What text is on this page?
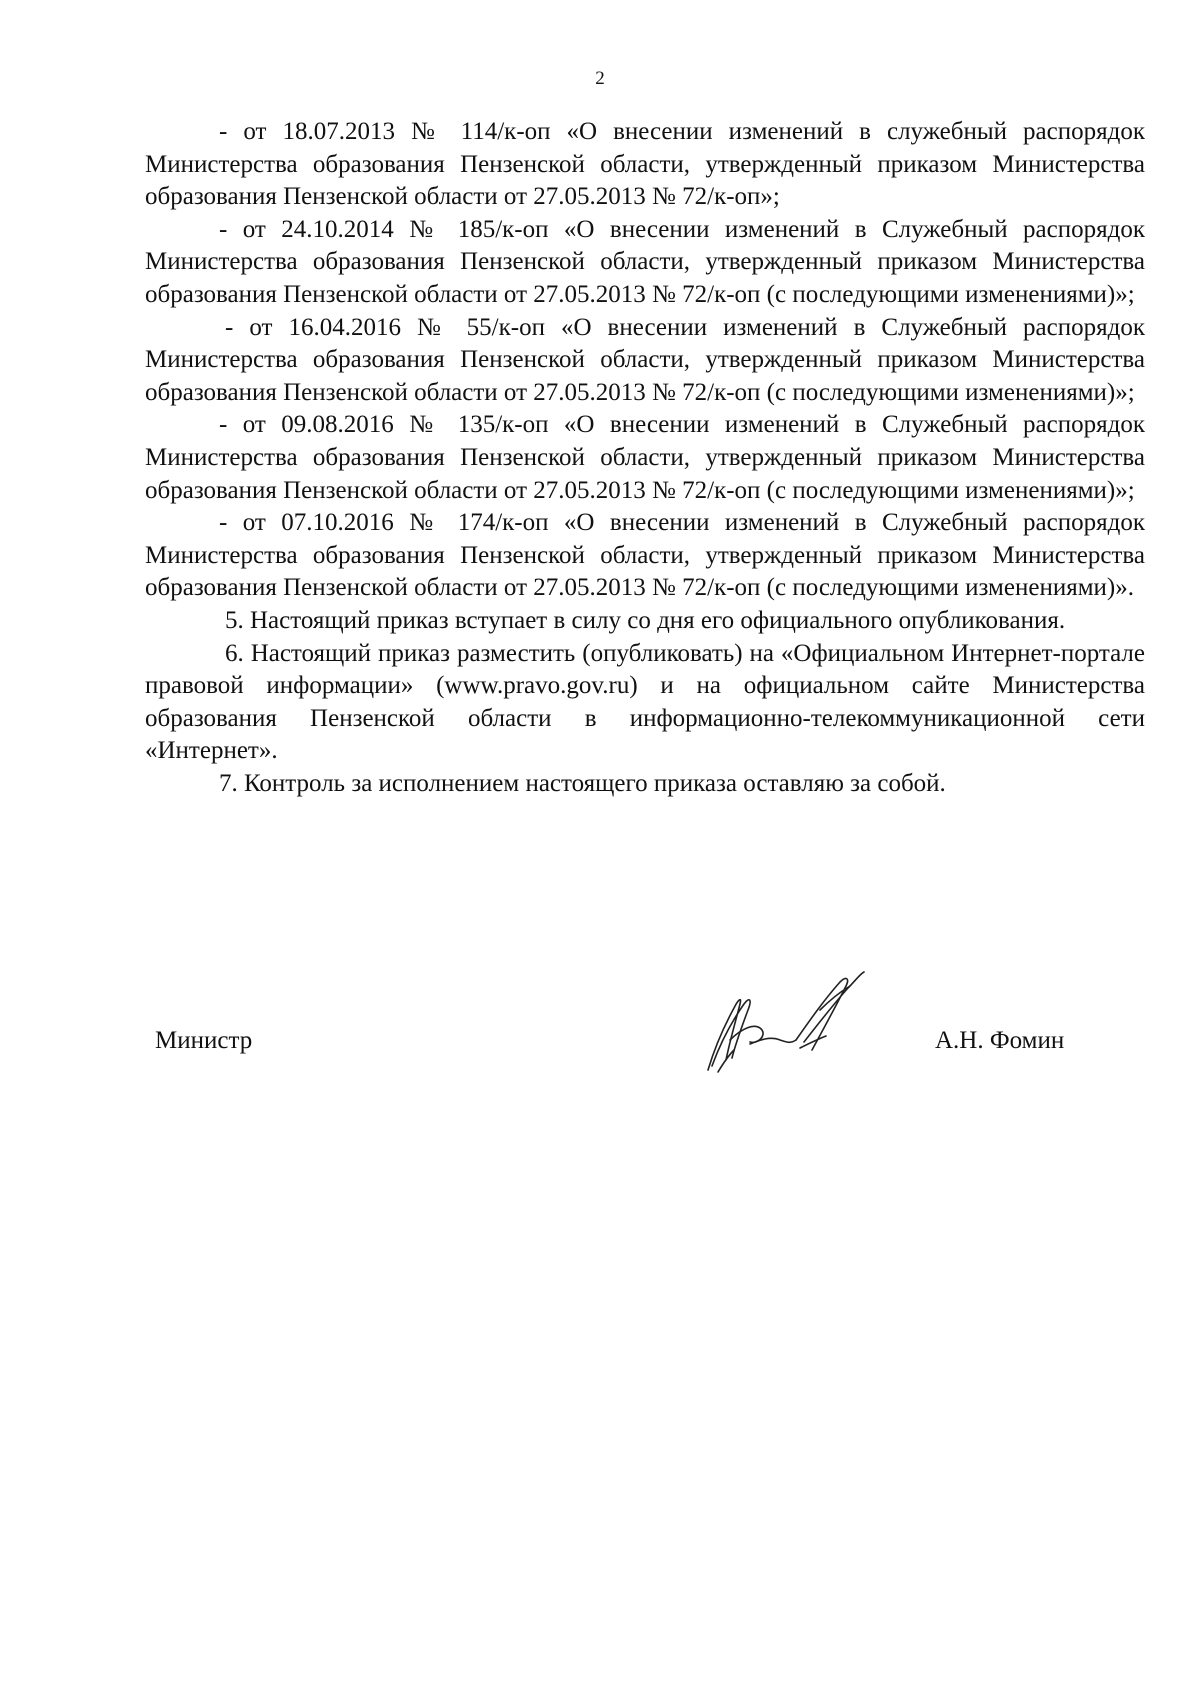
2

- от 18.07.2013 № 114/к-оп «О внесении изменений в служебный распорядок Министерства образования Пензенской области, утвержденный приказом Министерства образования Пензенской области от 27.05.2013 № 72/к-оп»;

- от 24.10.2014 № 185/к-оп «О внесении изменений в Служебный распорядок Министерства образования Пензенской области, утвержденный приказом Министерства образования Пензенской области от 27.05.2013 № 72/к-оп (с последующими изменениями)»;

- от 16.04.2016 № 55/к-оп «О внесении изменений в Служебный распорядок Министерства образования Пензенской области, утвержденный приказом Министерства образования Пензенской области от 27.05.2013 № 72/к-оп (с последующими изменениями)»;

- от 09.08.2016 № 135/к-оп «О внесении изменений в Служебный распорядок Министерства образования Пензенской области, утвержденный приказом Министерства образования Пензенской области от 27.05.2013 № 72/к-оп (с последующими изменениями)»;

- от 07.10.2016 № 174/к-оп «О внесении изменений в Служебный распорядок Министерства образования Пензенской области, утвержденный приказом Министерства образования Пензенской области от 27.05.2013 № 72/к-оп (с последующими изменениями)».

5. Настоящий приказ вступает в силу со дня его официального опубликования.

6. Настоящий приказ разместить (опубликовать) на «Официальном Интернет-портале правовой информации» (www.pravo.gov.ru) и на официальном сайте Министерства образования Пензенской области в информационно-телекоммуникационной сети «Интернет».

7. Контроль за исполнением настоящего приказа оставляю за собой.

Министр	А.Н. Фомин
